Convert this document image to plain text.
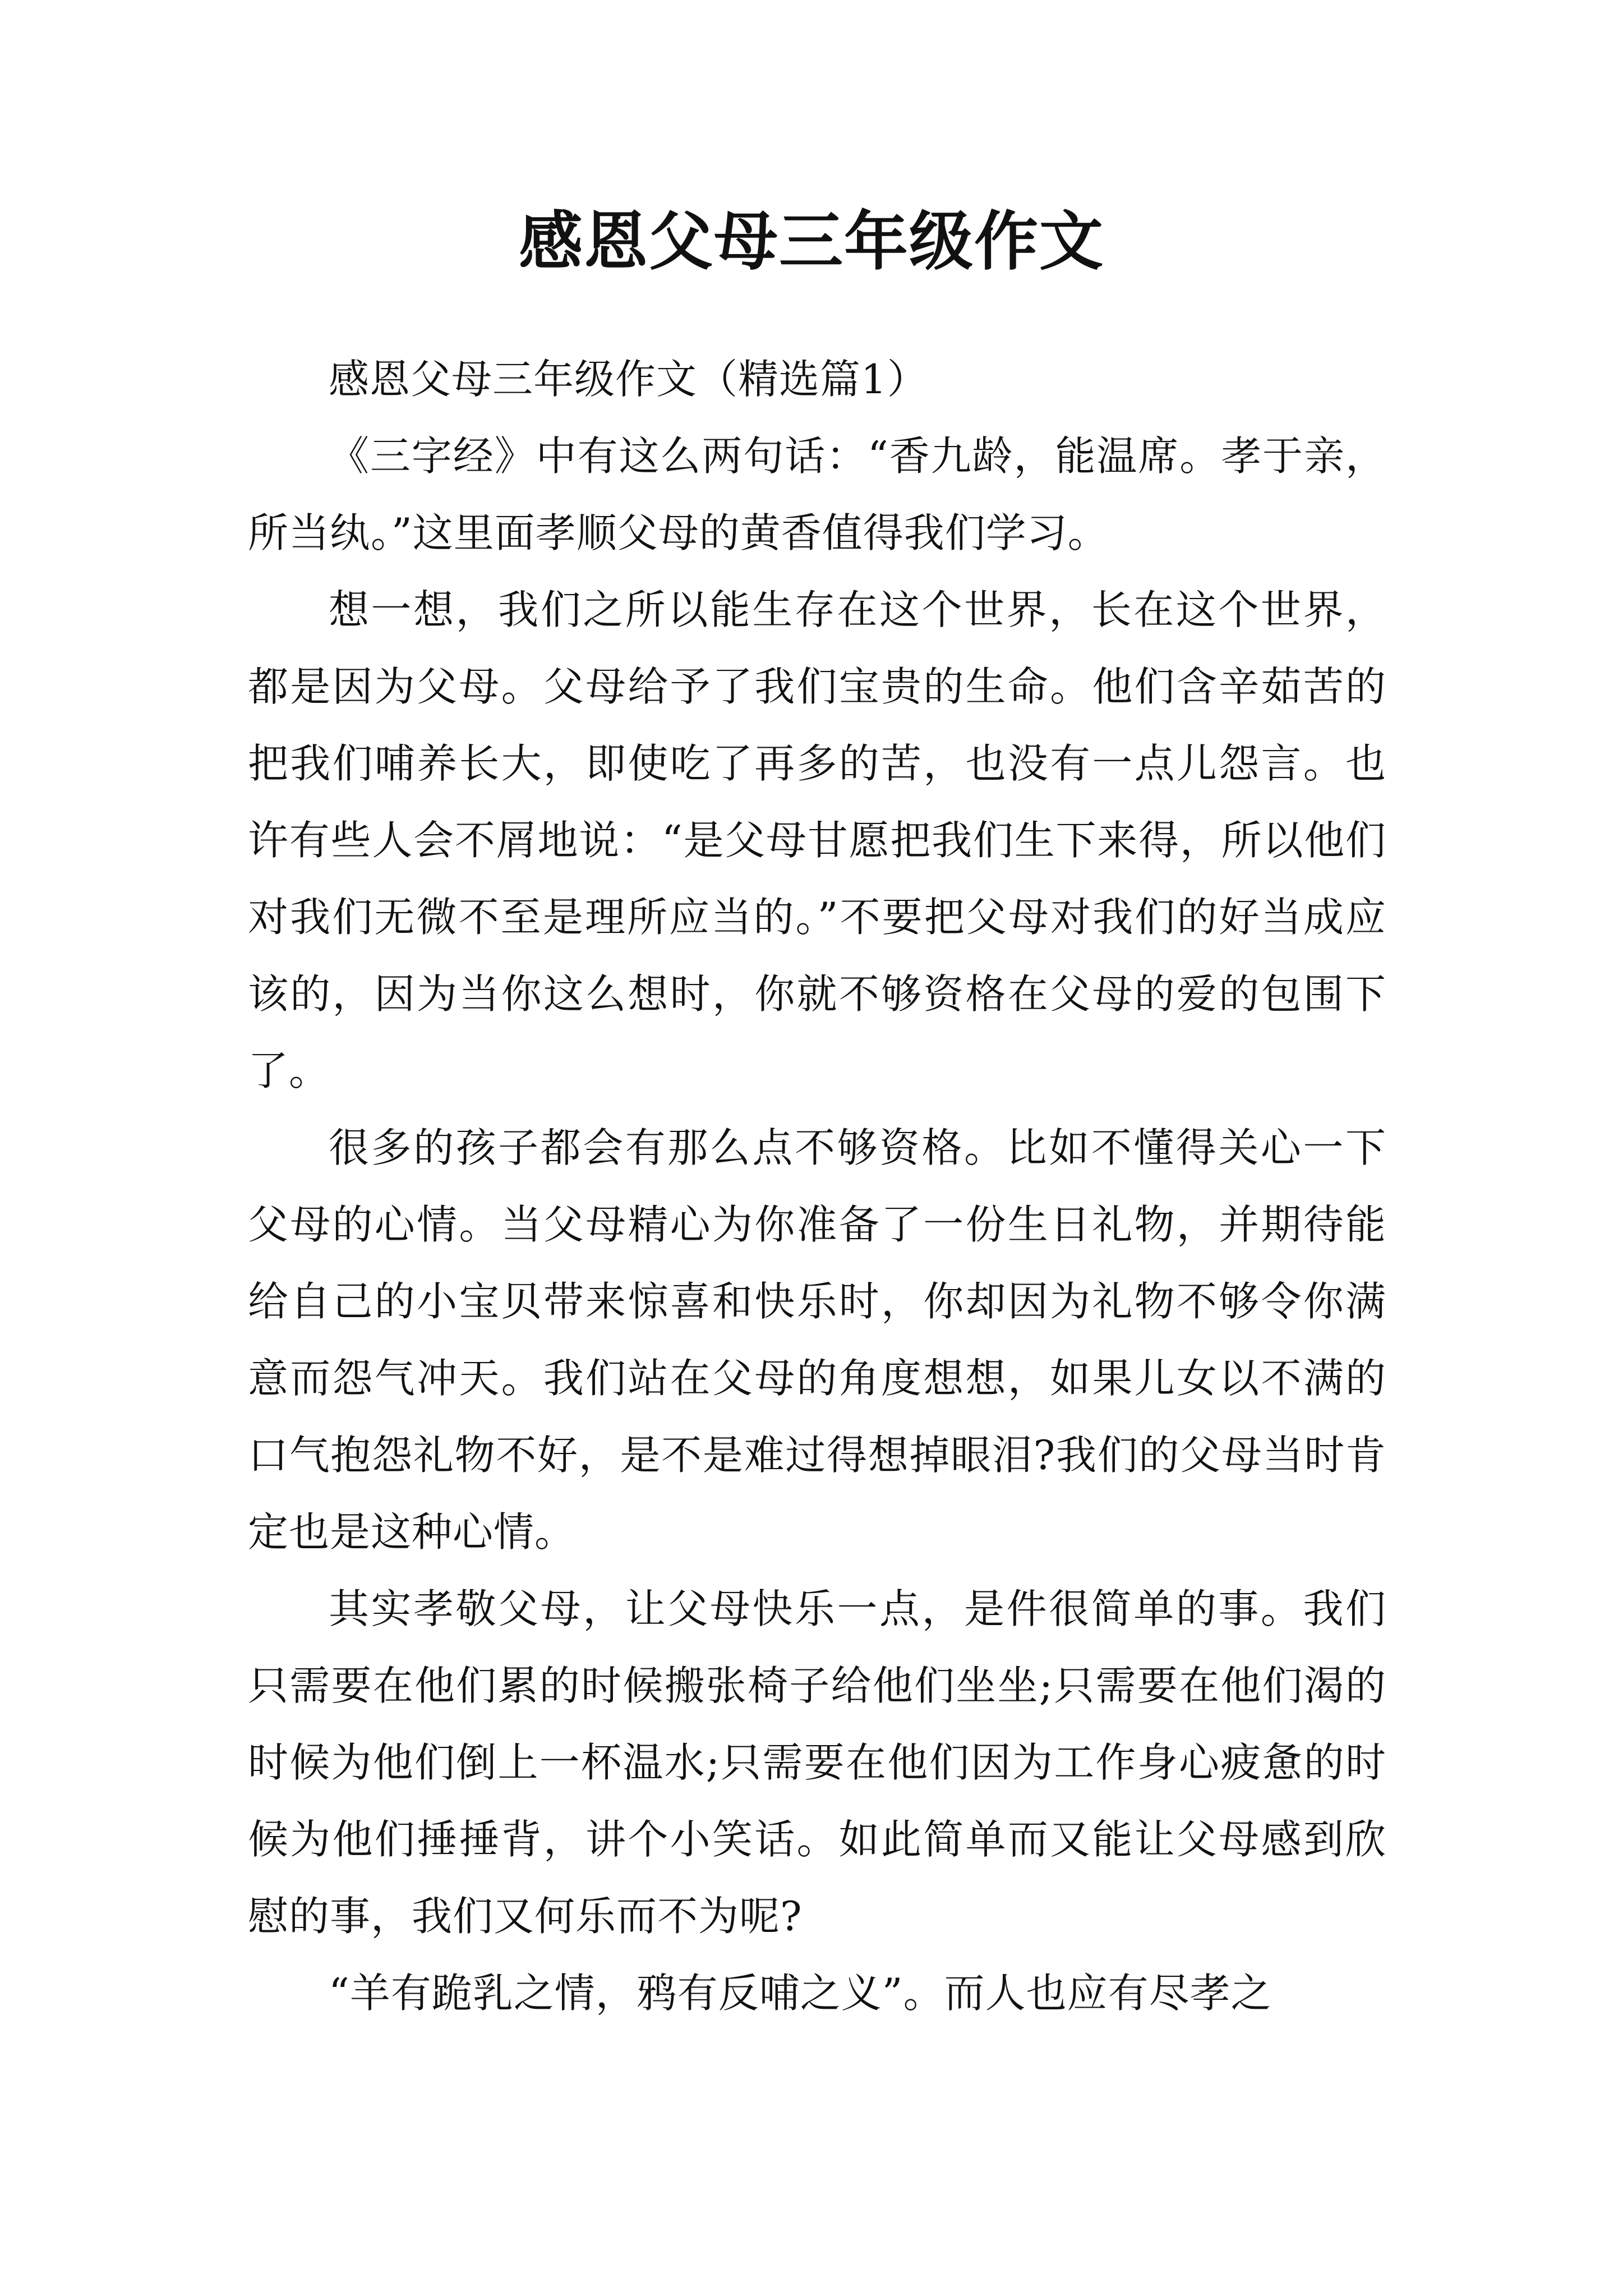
感恩父母三年级作文

感恩父母三年级作文（精选篇1）

《三字经》中有这么两句话：“香九龄，能温席。孝于亲，所当纨。”这里面孝顺父母的黄香值得我们学习。

想一想，我们之所以能生存在这个世界，长在这个世界，都是因为父母。父母给予了我们宝贵的生命。他们含辛茹苦的把我们哺养长大，即使吃了再多的苦，也没有一点儿怨言。也许有些人会不屑地说：“是父母甘愿把我们生下来得，所以他们对我们无微不至是理所应当的。”不要把父母对我们的好当成应该的，因为当你这么想时，你就不够资格在父母的爱的包围下了。

很多的孩子都会有那么点不够资格。比如不懂得关心一下父母的心情。当父母精心为你准备了一份生日礼物，并期待能给自己的小宝贝带来惊喜和快乐时，你却因为礼物不够令你满意而怨气冲天。我们站在父母的角度想想，如果儿女以不满的口气抱怨礼物不好，是不是难过得想掉眼泪?我们的父母当时肯定也是这种心情。

其实孝敬父母，让父母快乐一点，是件很简单的事。我们只需要在他们累的时候搬张椅子给他们坐坐;只需要在他们渴的时候为他们倒上一杯温水;只需要在他们因为工作身心疲惫的时候为他们捶捶背，讲个小笑话。如此简单而又能让父母感到欣慰的事，我们又何乐而不为呢?

“羊有跪乳之情，鸦有反哺之义”。而人也应有尽孝之
